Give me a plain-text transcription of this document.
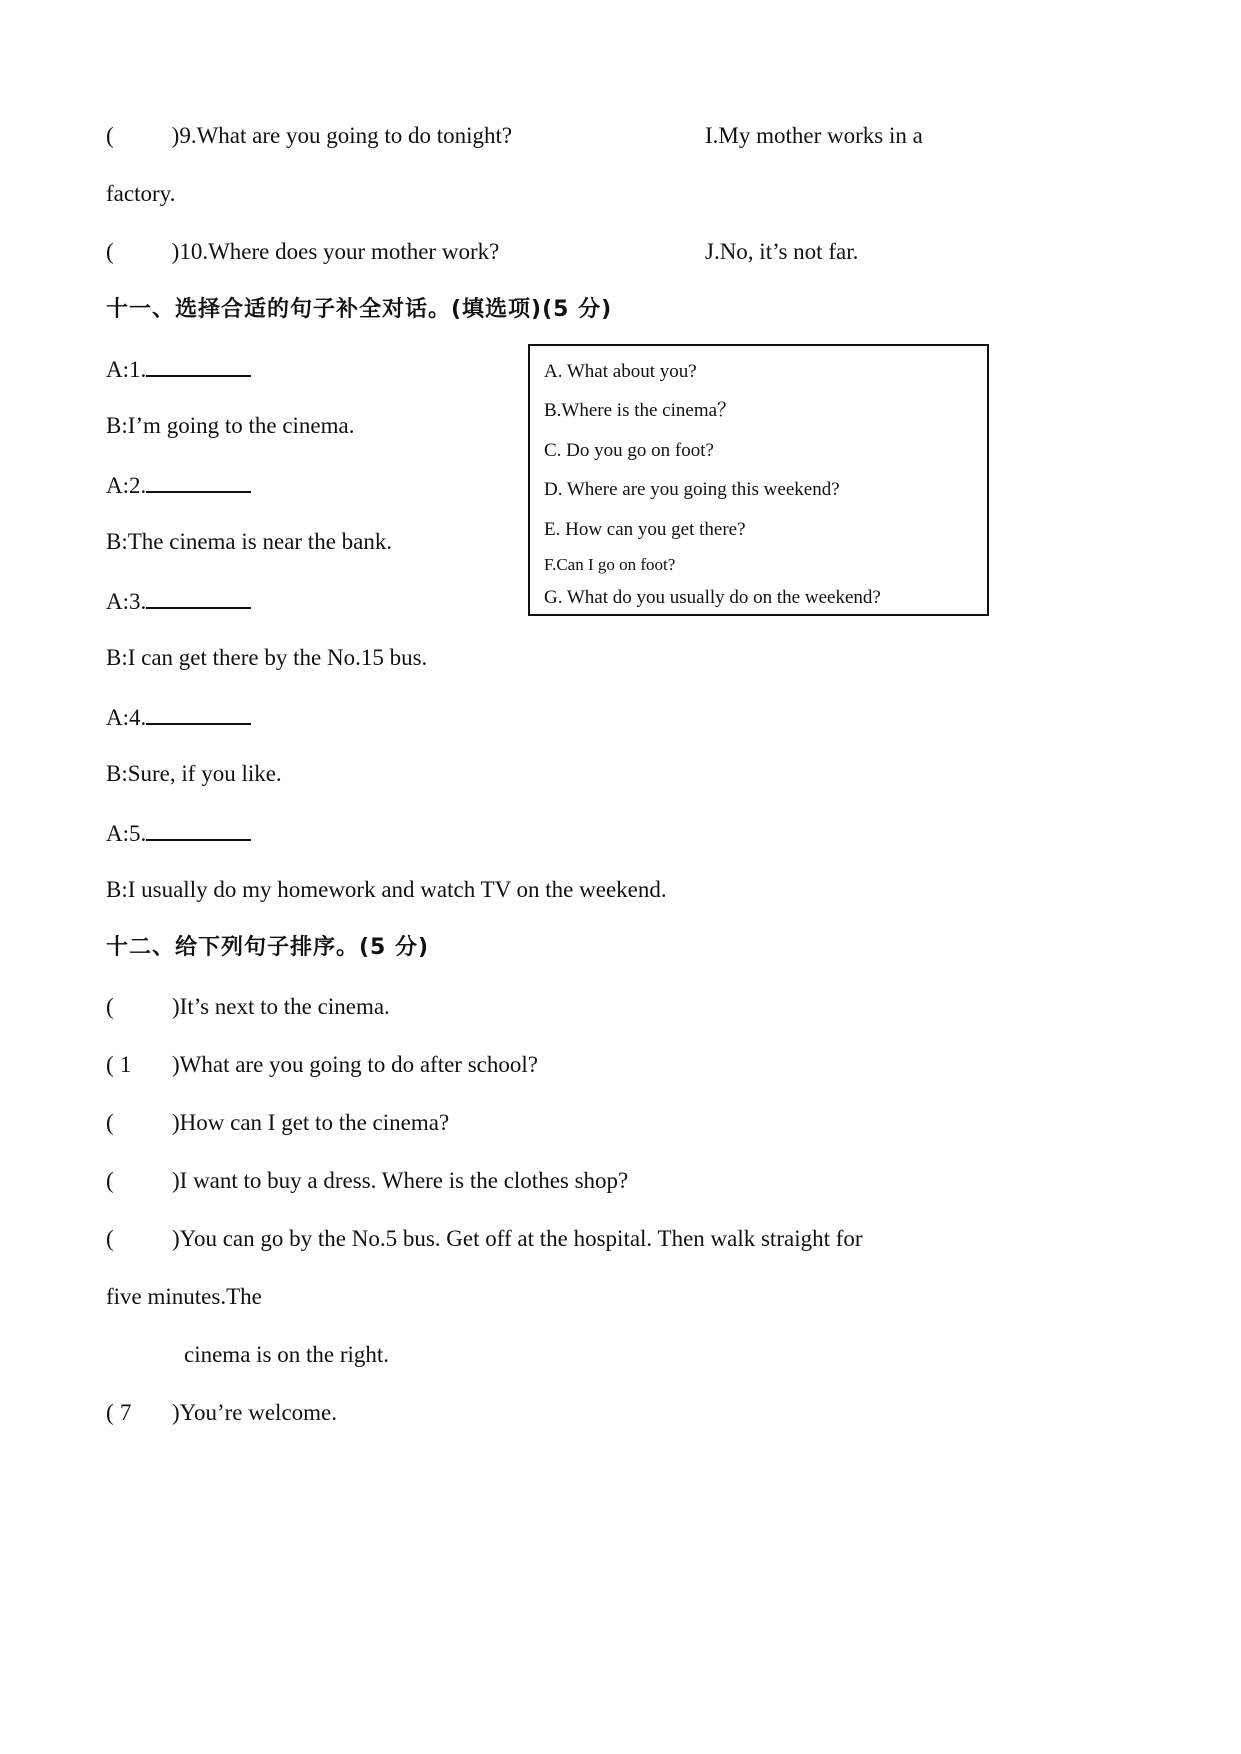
(	)9.What are you going to do tonight?	I.My mother works in a
factory.
(	)10.Where does your mother work?	J.No, it’s not far.
十一、选择合适的句子补全对话。(填选项)(5 分)
A:1.
B:I’m going to the cinema.
A:2.
B:The cinema is near the bank.
A:3.
B:I can get there by the No.15 bus.
A:4.
B:Sure, if you like.
A:5.
B:I usually do my homework and watch TV on the weekend.
A. What about you?
B.Where is the cinema？
C. Do you go on foot?
D. Where are you going this weekend?
E. How can you get there?
F.Can I go on foot?
G. What do you usually do on the weekend?
十二、给下列句子排序。(5 分)
(	)It’s next to the cinema.
( 1 )What are you going to do after school?
(	)How can I get to the cinema?
(	)I want to buy a dress. Where is the clothes shop?
(	)You can go by the No.5 bus. Get off at the hospital. Then walk straight for
five minutes.The
cinema is on the right.
( 7 )You’re welcome.
